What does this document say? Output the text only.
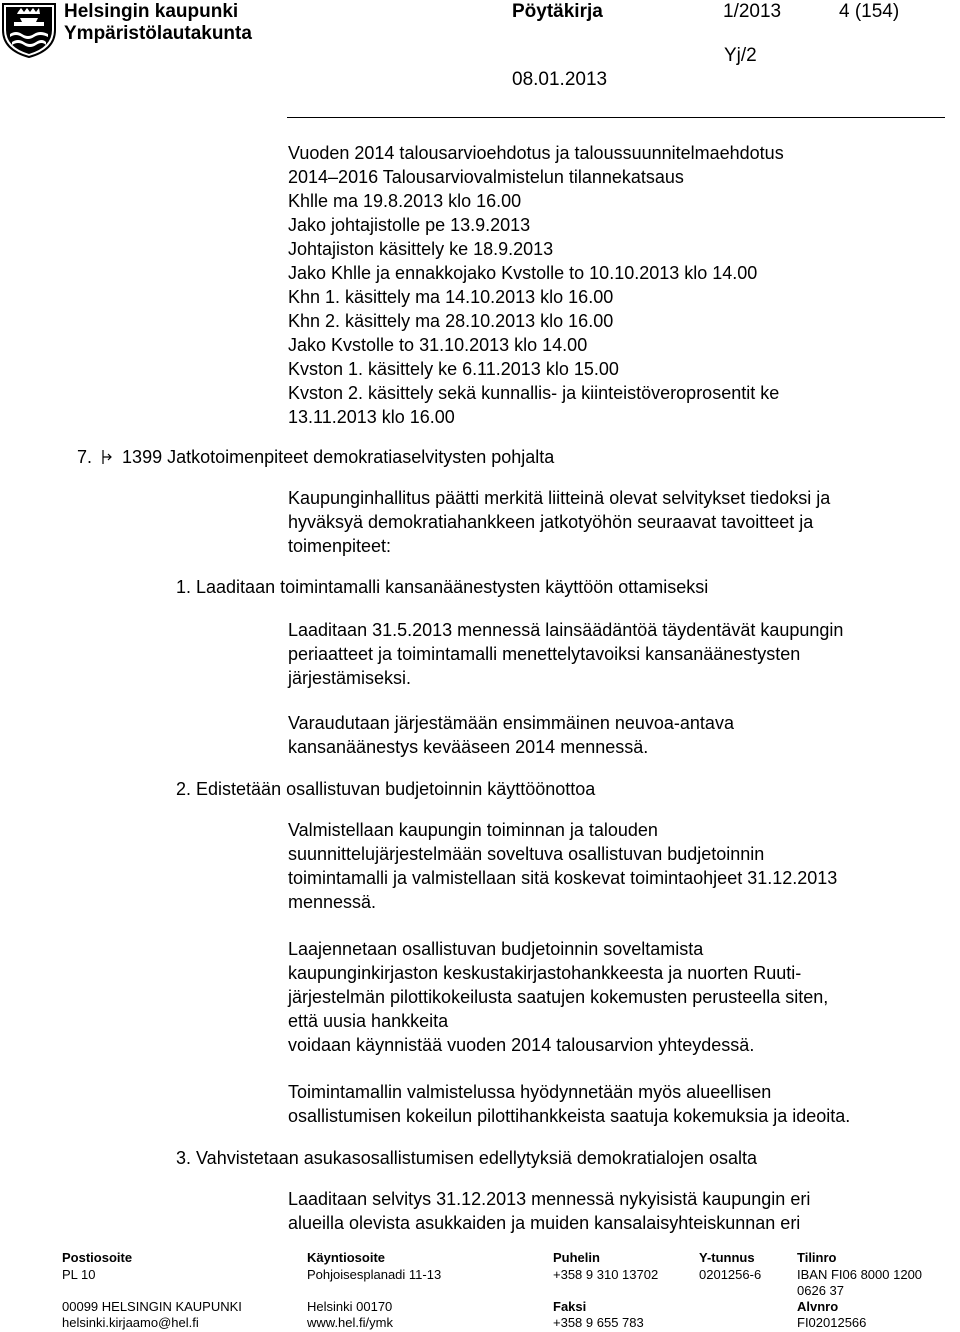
Helsingin kaupunki
Ympäristölautakunta
Pöytäkirja	1/2013	4 (154)
Yj/2
08.01.2013
Vuoden 2014 talousarvioehdotus ja taloussuunnitelmaehdotus
2014–2016 Talousarviovalmistelun tilannekatsaus
Khlle ma 19.8.2013 klo 16.00
Jako johtajistolle pe 13.9.2013
Johtajiston käsittely ke 18.9.2013
Jako Khlle ja ennakkojako Kvstolle to 10.10.2013 klo 14.00
Khn 1. käsittely ma 14.10.2013 klo 16.00
Khn 2. käsittely ma 28.10.2013 klo 16.00
Jako Kvstolle to 31.10.2013 klo 14.00
Kvston 1. käsittely ke 6.11.2013 klo 15.00
Kvston 2. käsittely sekä kunnallis- ja kiinteistöveroprosentit ke
13.11.2013 klo 16.00
7. 1399 Jatkotoimenpiteet demokratiaselvitysten pohjalta
Kaupunginhallitus päätti merkitä liitteinä olevat selvitykset tiedoksi ja
hyväksyä demokratiahankkeen jatkotyöhön seuraavat tavoitteet ja
toimenpiteet:
1. Laaditaan toimintamalli kansanäänestysten käyttöön ottamiseksi
Laaditaan 31.5.2013 mennessä lainsäädäntöä täydentävät kaupungin
periaatteet ja toimintamalli menettelytavoiksi kansanäänestysten
järjestämiseksi.
Varaudutaan järjestämään ensimmäinen neuvoa-antava
kansanäänestys kevääseen 2014 mennessä.
2. Edistetään osallistuvan budjetoinnin käyttöönottoa
Valmistellaan kaupungin toiminnan ja talouden
suunnittelujärjestelmään soveltuva osallistuvan budjetoinnin
toimintamalli ja valmistellaan sitä koskevat toimintaohjeet 31.12.2013
mennessä.
Laajennetaan osallistuvan budjetoinnin soveltamista
kaupunginkirjaston keskustakirjastohankkeesta ja nuorten Ruuti-
järjestelmän pilottikokeilusta saatujen kokemusten perusteella siten,
että uusia hankkeita
voidaan käynnistää vuoden 2014 talousarvion yhteydessä.
Toimintamallin valmistelussa hyödynnetään myös alueellisen
osallistumisen kokeilun pilottihankkeista saatuja kokemuksia ja ideoita.
3. Vahvistetaan asukasosallistumisen edellytyksiä demokratialojen osalta
Laaditaan selvitys 31.12.2013 mennessä nykyisistä kaupungin eri
alueilla olevista asukkaiden ja muiden kansalaisyhteiskunnan eri
Postiosoite
PL 10
00099 HELSINGIN KAUPUNKI
helsinki.kirjaamo@hel.fi
Käyntiosoite
Pohjoisesplanadi 11-13
Helsinki 00170
www.hel.fi/ymk
Puhelin
+358 9 310 13702
Faksi
+358 9 655 783
Y-tunnus
0201256-6
Tilinro
IBAN FI06 8000 1200
0626 37
Alvnro
FI02012566
